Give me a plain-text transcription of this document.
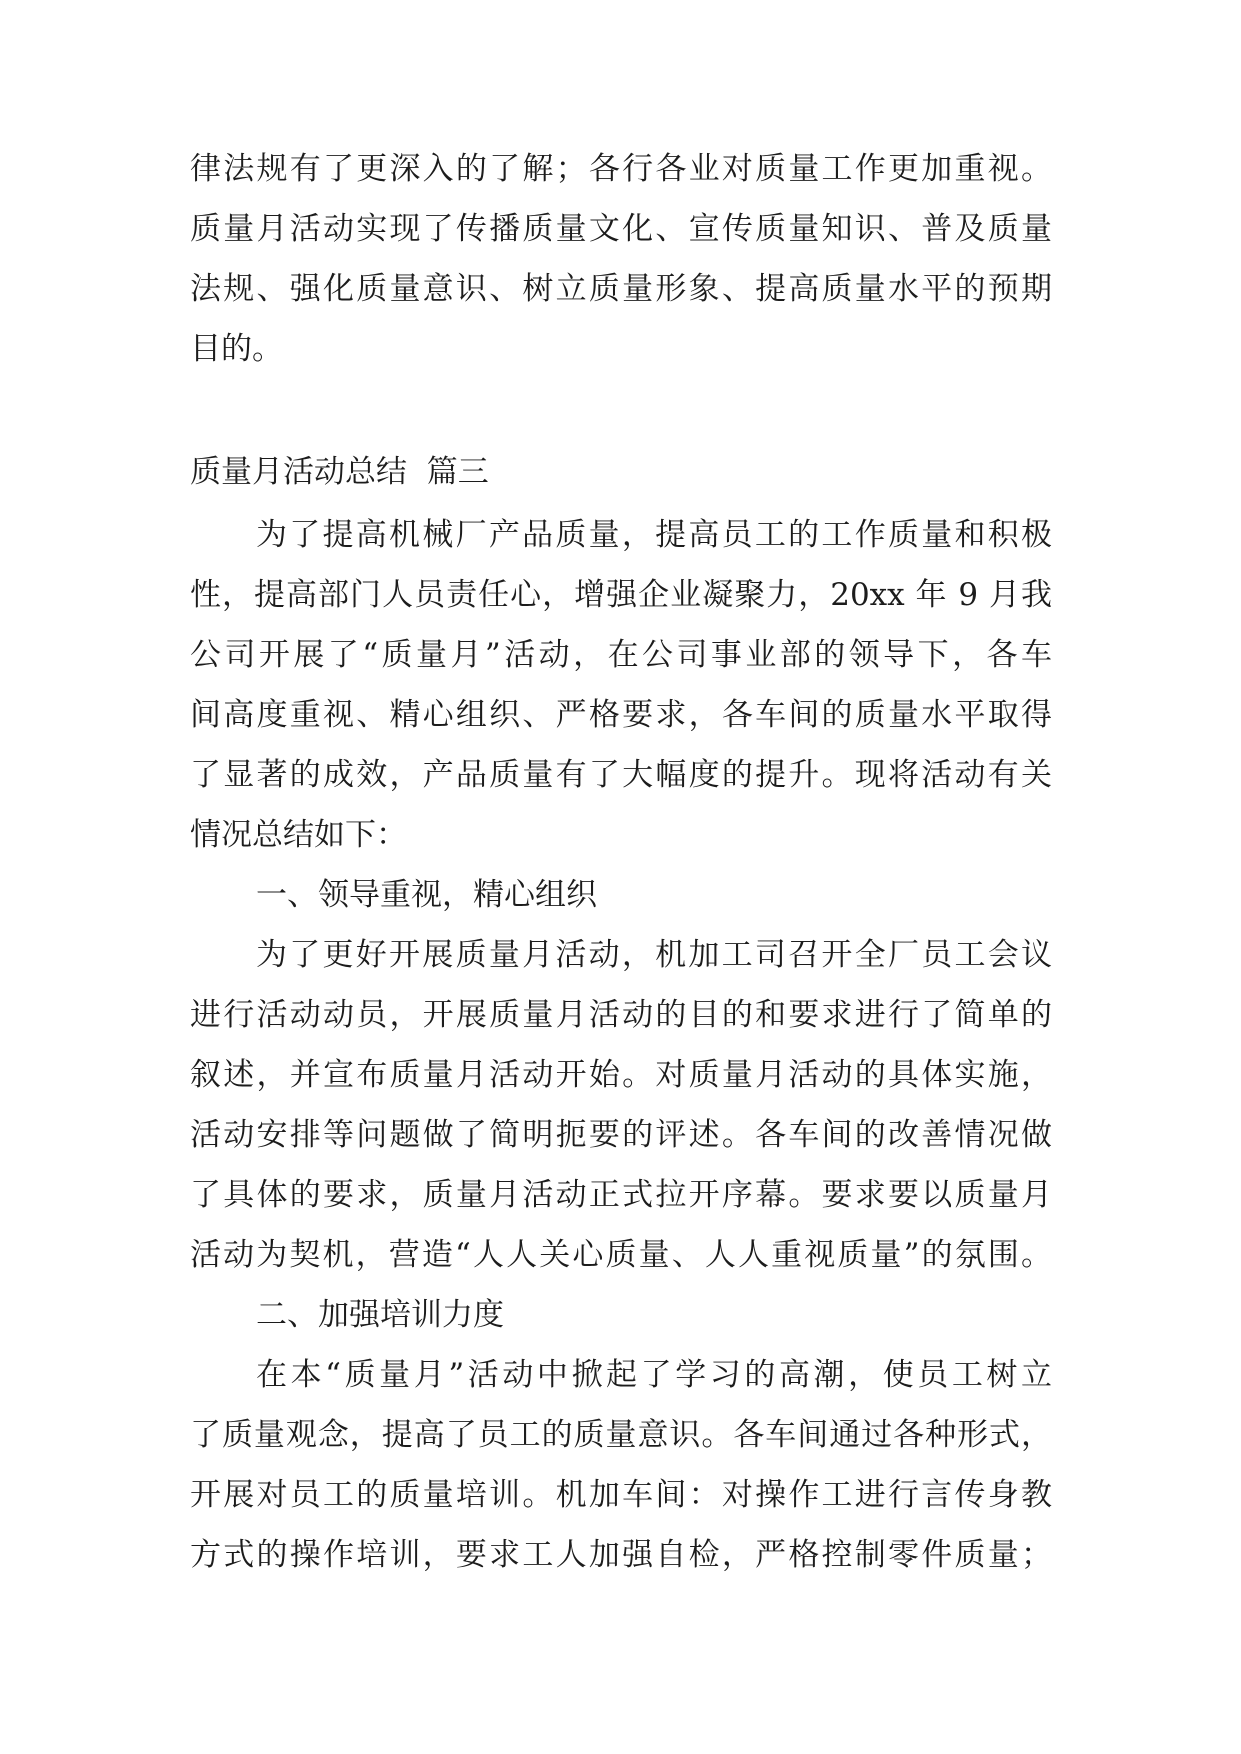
律法规有了更深入的了解；各行各业对质量工作更加重视。
质量月活动实现了传播质量文化、宣传质量知识、普及质量
法规、强化质量意识、树立质量形象、提高质量水平的预期
目的。
质量月活动总结  篇三
为了提高机械厂产品质量，提高员工的工作质量和积极
性，提高部门人员责任心，增强企业凝聚力，20xx 年 9 月我
公司开展了“质量月”活动，在公司事业部的领导下，各车
间高度重视、精心组织、严格要求，各车间的质量水平取得
了显著的成效，产品质量有了大幅度的提升。现将活动有关
情况总结如下：
一、领导重视，精心组织
为了更好开展质量月活动，机加工司召开全厂员工会议
进行活动动员，开展质量月活动的目的和要求进行了简单的
叙述，并宣布质量月活动开始。对质量月活动的具体实施，
活动安排等问题做了简明扼要的评述。各车间的改善情况做
了具体的要求，质量月活动正式拉开序幕。要求要以质量月
活动为契机，营造“人人关心质量、人人重视质量”的氛围。
二、加强培训力度
在本“质量月”活动中掀起了学习的高潮，使员工树立
了质量观念，提高了员工的质量意识。各车间通过各种形式，
开展对员工的质量培训。机加车间：对操作工进行言传身教
方式的操作培训，要求工人加强自检，严格控制零件质量；
